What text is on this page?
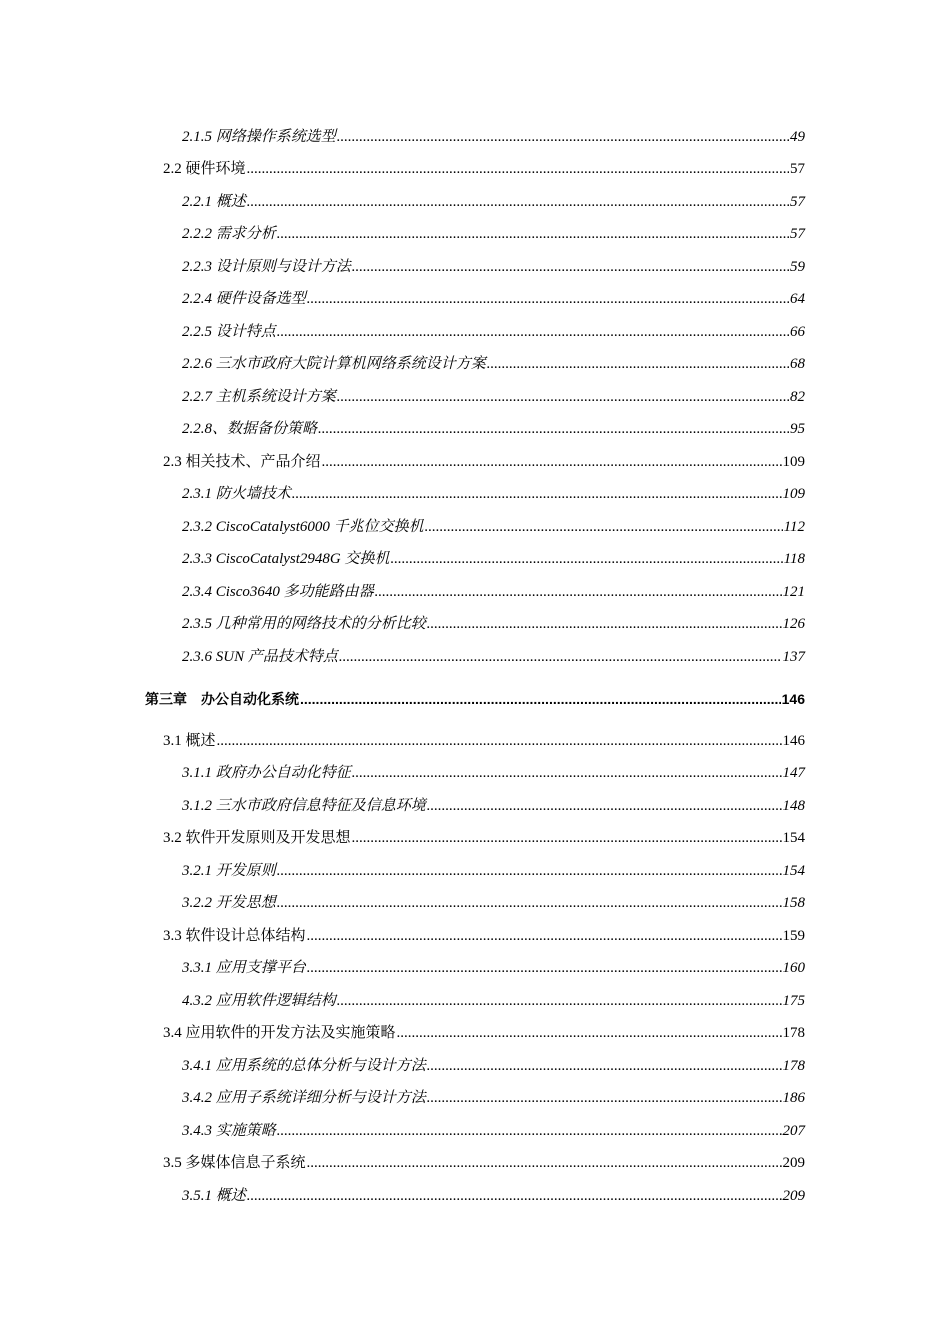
2.1.5 网络操作系统选型 .....	49
2.2 硬件环境 .....	57
2.2.1 概述 .....	57
2.2.2 需求分析 .....	57
2.2.3 设计原则与设计方法 .....	59
2.2.4 硬件设备选型 .....	64
2.2.5 设计特点 .....	66
2.2.6 三水市政府大院计算机网络系统设计方案 .....	68
2.2.7 主机系统设计方案 .....	82
2.2.8、数据备份策略 .....	95
2.3 相关技术、产品介绍 .....	109
2.3.1 防火墙技术 .....	109
2.3.2 CiscoCatalyst6000 千兆位交换机 .....	112
2.3.3 CiscoCatalyst2948G 交换机 .....	118
2.3.4 Cisco3640 多功能路由器 .....	121
2.3.5 几种常用的网络技术的分析比较 .....	126
2.3.6 SUN 产品技术特点 .....	137
第三章　办公自动化系统 .....	146
3.1 概述 .....	146
3.1.1 政府办公自动化特征 .....	147
3.1.2 三水市政府信息特征及信息环境 .....	148
3.2 软件开发原则及开发思想 .....	154
3.2.1 开发原则 .....	154
3.2.2 开发思想 .....	158
3.3 软件设计总体结构 .....	159
3.3.1 应用支撑平台 .....	160
4.3.2 应用软件逻辑结构 .....	175
3.4 应用软件的开发方法及实施策略 .....	178
3.4.1 应用系统的总体分析与设计方法 .....	178
3.4.2 应用子系统详细分析与设计方法 .....	186
3.4.3 实施策略 .....	207
3.5 多媒体信息子系统 .....	209
3.5.1 概述 .....	209
